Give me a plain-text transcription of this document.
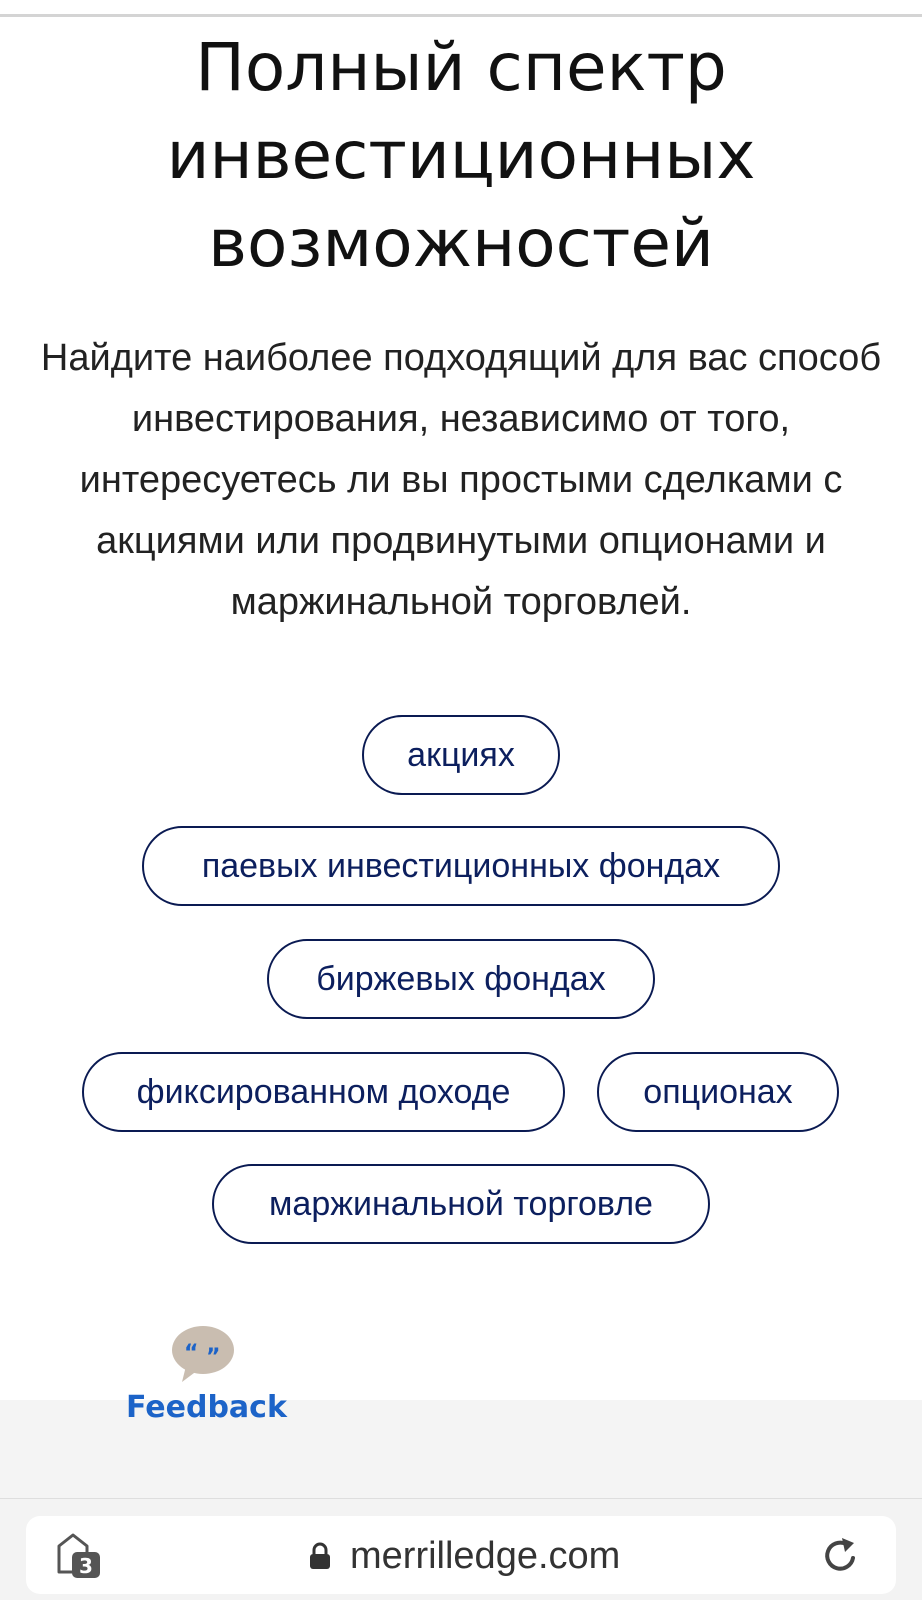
Полный спектр
инвестиционных
возможностей

Найдите наиболее подходящий для вас способ инвестирования, независимо от того, интересуетесь ли вы простыми сделками с акциями или продвинутыми опционами и маржинальной торговлей.

акциях
паевых инвестиционных фондах
биржевых фондах
фиксированном доходе	опционах
маржинальной торговле
“ ”
Feedback
3	merrilledge.com
